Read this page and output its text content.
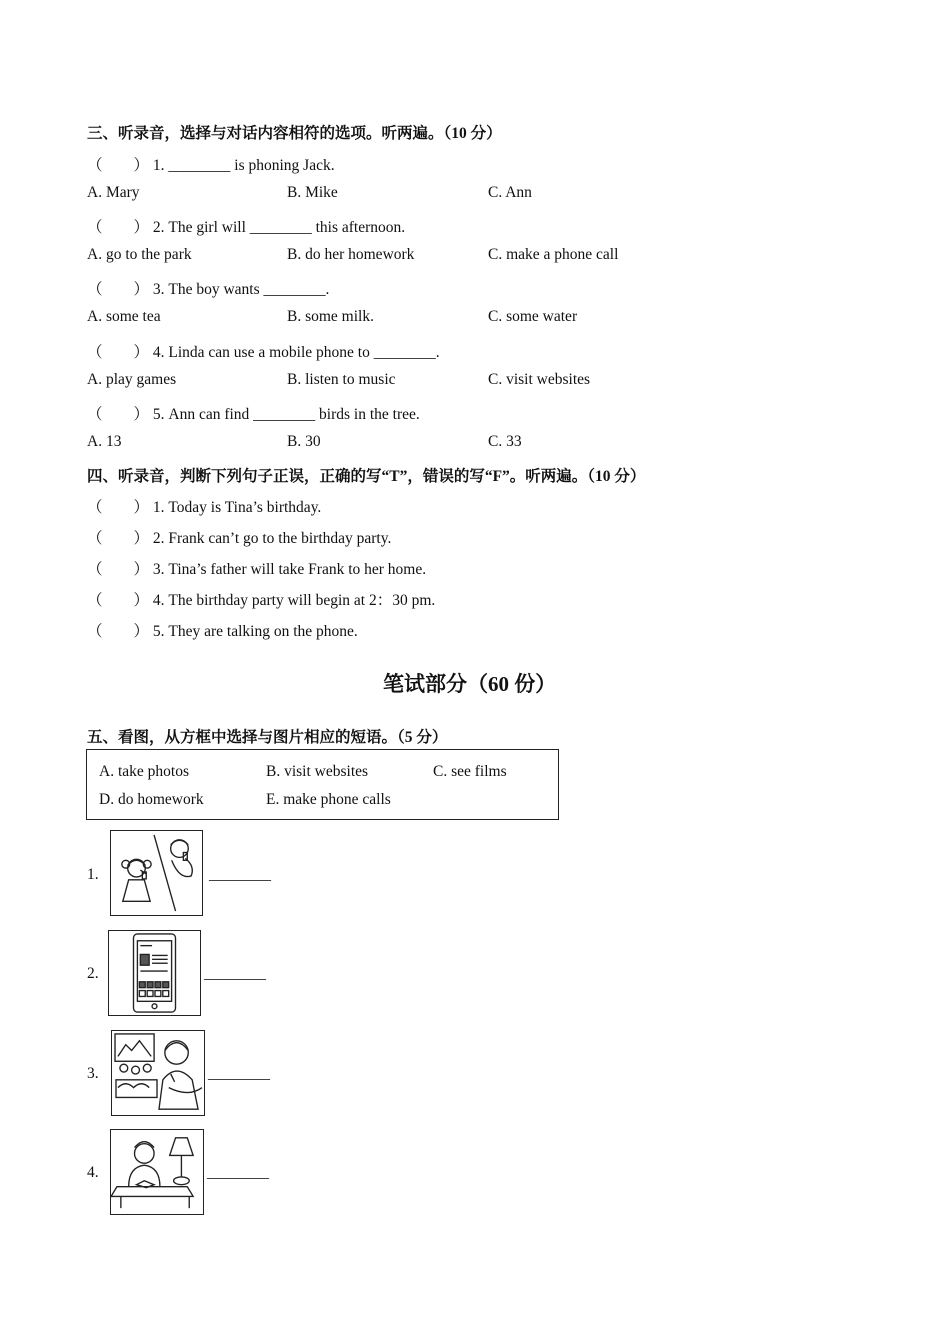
三、听录音，选择与对话内容相符的选项。听两遍。（10 分）
（　　） 1. ________ is phoning Jack.
A. Mary	B. Mike	C. Ann
（　　） 2. The girl will ________ this afternoon.
A. go to the park	B. do her homework	C. make a phone call
（　　） 3. The boy wants ________.
A. some tea	B. some milk.	C. some water
（　　） 4. Linda can use a mobile phone to ________.
A. play games	B. listen to music	C. visit websites
（　　） 5. Ann can find ________ birds in the tree.
A. 13	B. 30	C. 33
四、听录音，判断下列句子正误，正确的写“T”，错误的写“F”。听两遍。（10 分）
（　　） 1. Today is Tina’s birthday.
（　　） 2. Frank can’t go to the birthday party.
（　　） 3. Tina’s father will take Frank to her home.
（　　） 4. The birthday party will begin at 2：30 pm.
（　　） 5. They are talking on the phone.
笔试部分（60 份）
五、看图，从方框中选择与图片相应的短语。（5 分）
A. take photos	B. visit websites	C. see films
D. do homework	E. make phone calls
1.	________
2.	________
3.	________
4.	________
